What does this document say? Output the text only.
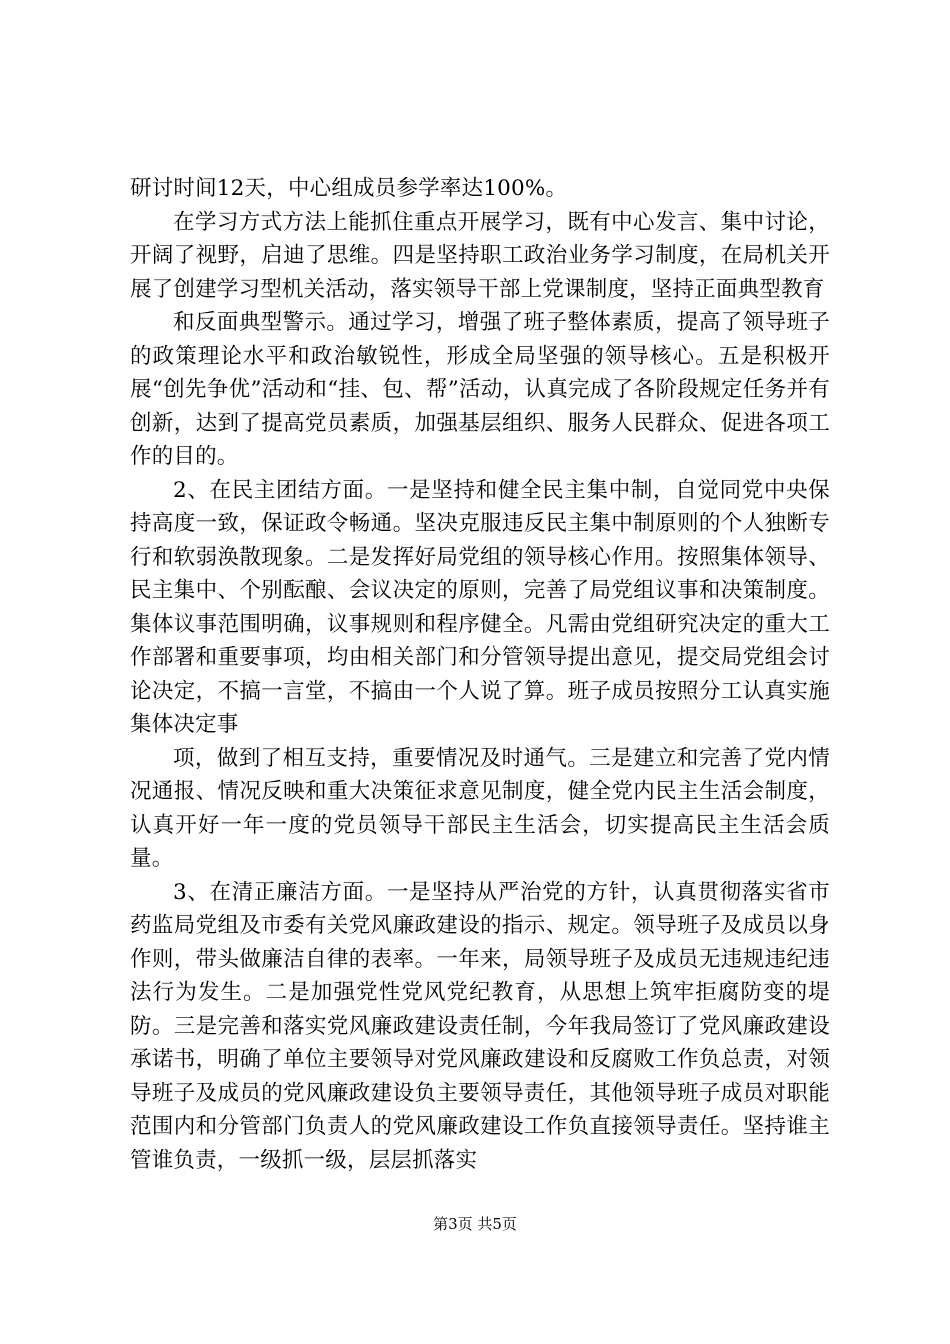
研讨时间12天，中心组成员参学率达100%。

在学习方式方法上能抓住重点开展学习，既有中心发言、集中讨论，开阔了视野，启迪了思维。四是坚持职工政治业务学习制度，在局机关开展了创建学习型机关活动，落实领导干部上党课制度，坚持正面典型教育

和反面典型警示。通过学习，增强了班子整体素质，提高了领导班子的政策理论水平和政治敏锐性，形成全局坚强的领导核心。五是积极开展“创先争优”活动和“挂、包、帮”活动，认真完成了各阶段规定任务并有创新，达到了提高党员素质，加强基层组织、服务人民群众、促进各项工作的目的。

2、在民主团结方面。一是坚持和健全民主集中制，自觉同党中央保持高度一致，保证政令畅通。坚决克服违反民主集中制原则的个人独断专行和软弱涣散现象。二是发挥好局党组的领导核心作用。按照集体领导、民主集中、个别酝酿、会议决定的原则，完善了局党组议事和决策制度。集体议事范围明确，议事规则和程序健全。凡需由党组研究决定的重大工作部署和重要事项，均由相关部门和分管领导提出意见，提交局党组会讨论决定，不搞一言堂，不搞由一个人说了算。班子成员按照分工认真实施集体决定事

项，做到了相互支持，重要情况及时通气。三是建立和完善了党内情况通报、情况反映和重大决策征求意见制度，健全党内民主生活会制度，认真开好一年一度的党员领导干部民主生活会，切实提高民主生活会质量。

3、在清正廉洁方面。一是坚持从严治党的方针，认真贯彻落实省市药监局党组及市委有关党风廉政建设的指示、规定。领导班子及成员以身作则，带头做廉洁自律的表率。一年来，局领导班子及成员无违规违纪违法行为发生。二是加强党性党风党纪教育，从思想上筑牢拒腐防变的堤防。三是完善和落实党风廉政建设责任制，今年我局签订了党风廉政建设承诺书，明确了单位主要领导对党风廉政建设和反腐败工作负总责，对领导班子及成员的党风廉政建设负主要领导责任，其他领导班子成员对职能范围内和分管部门负责人的党风廉政建设工作负直接领导责任。坚持谁主管谁负责，一级抓一级，层层抓落实

第3页 共5页
